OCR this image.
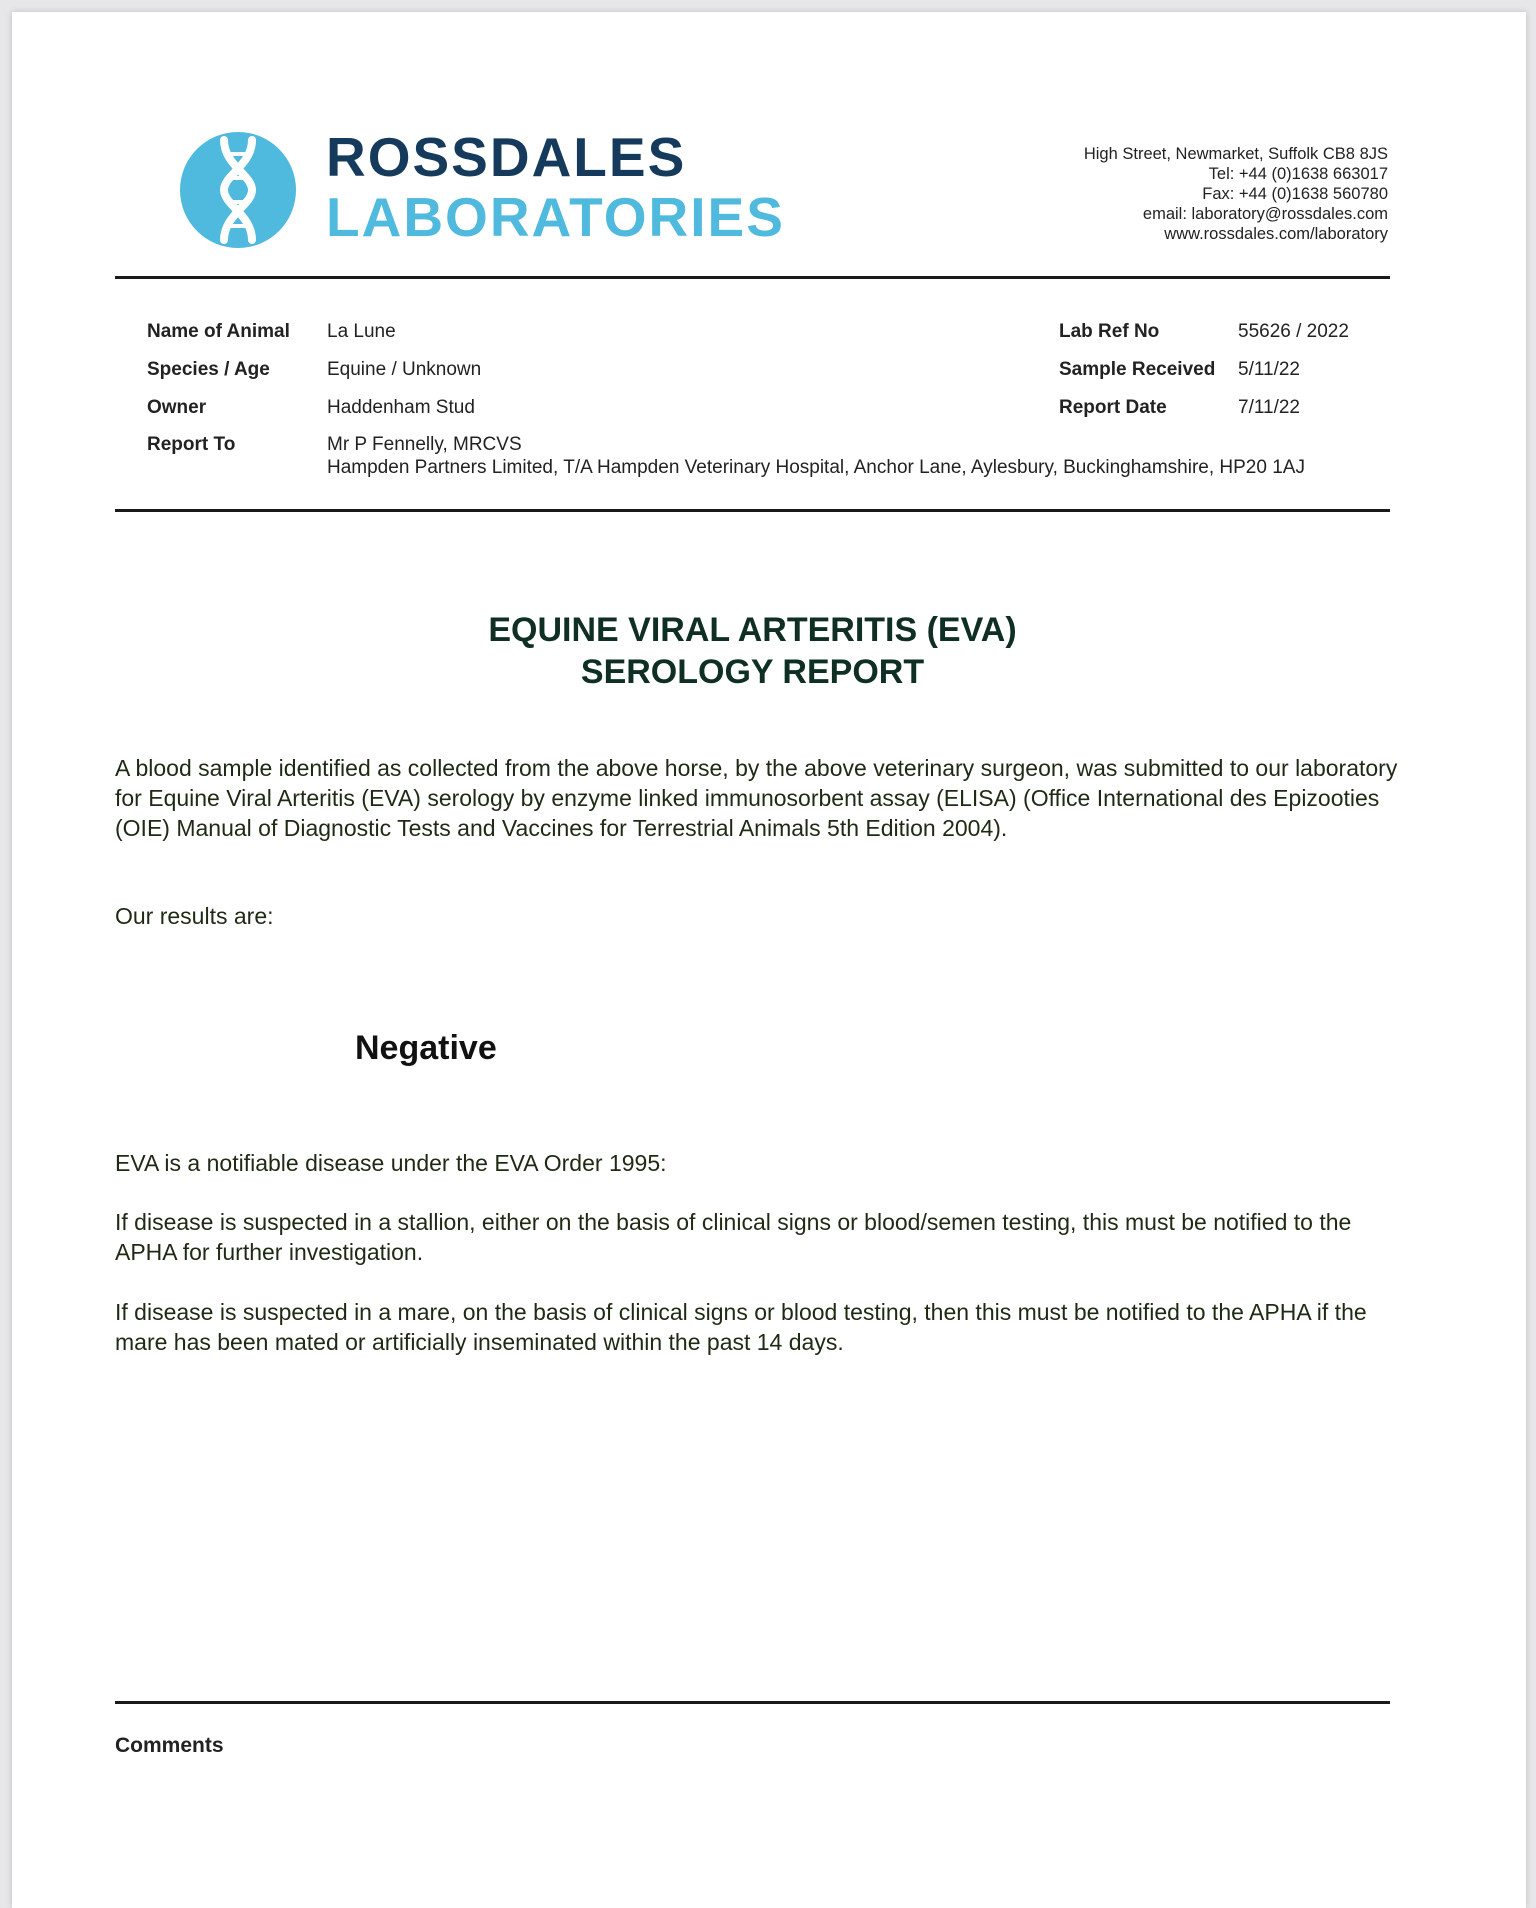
ROSSDALES
LABORATORIES
High Street, Newmarket, Suffolk CB8 8JS
Tel: +44 (0)1638 663017
Fax: +44 (0)1638 560780
email: laboratory@rossdales.com
www.rossdales.com/laboratory
Name of Animal La Lune
Species / Age	Equine / Unknown
Owner	Haddenham Stud
Report To	Mr P Fennelly, MRCVS
Hampden Partners Limited, T/A Hampden Veterinary Hospital, Anchor Lane, Aylesbury, Buckinghamshire, HP20 1AJ
Lab Ref No	55626 / 2022
Sample Received 5/11/22
Report Date	7/11/22
EQUINE VIRAL ARTERITIS (EVA)
SEROLOGY REPORT

A blood sample identified as collected from the above horse, by the above veterinary surgeon, was submitted to our laboratory for Equine Viral Arteritis (EVA) serology by enzyme linked immunosorbent assay (ELISA) (Office International des Epizooties (OIE) Manual of Diagnostic Tests and Vaccines for Terrestrial Animals 5th Edition 2004).

Our results are:

Negative

EVA is a notifiable disease under the EVA Order 1995:

If disease is suspected in a stallion, either on the basis of clinical signs or blood/semen testing, this must be notified to the APHA for further investigation.

If disease is suspected in a mare, on the basis of clinical signs or blood testing, then this must be notified to the APHA if the mare has been mated or artificially inseminated within the past 14 days.

Comments
